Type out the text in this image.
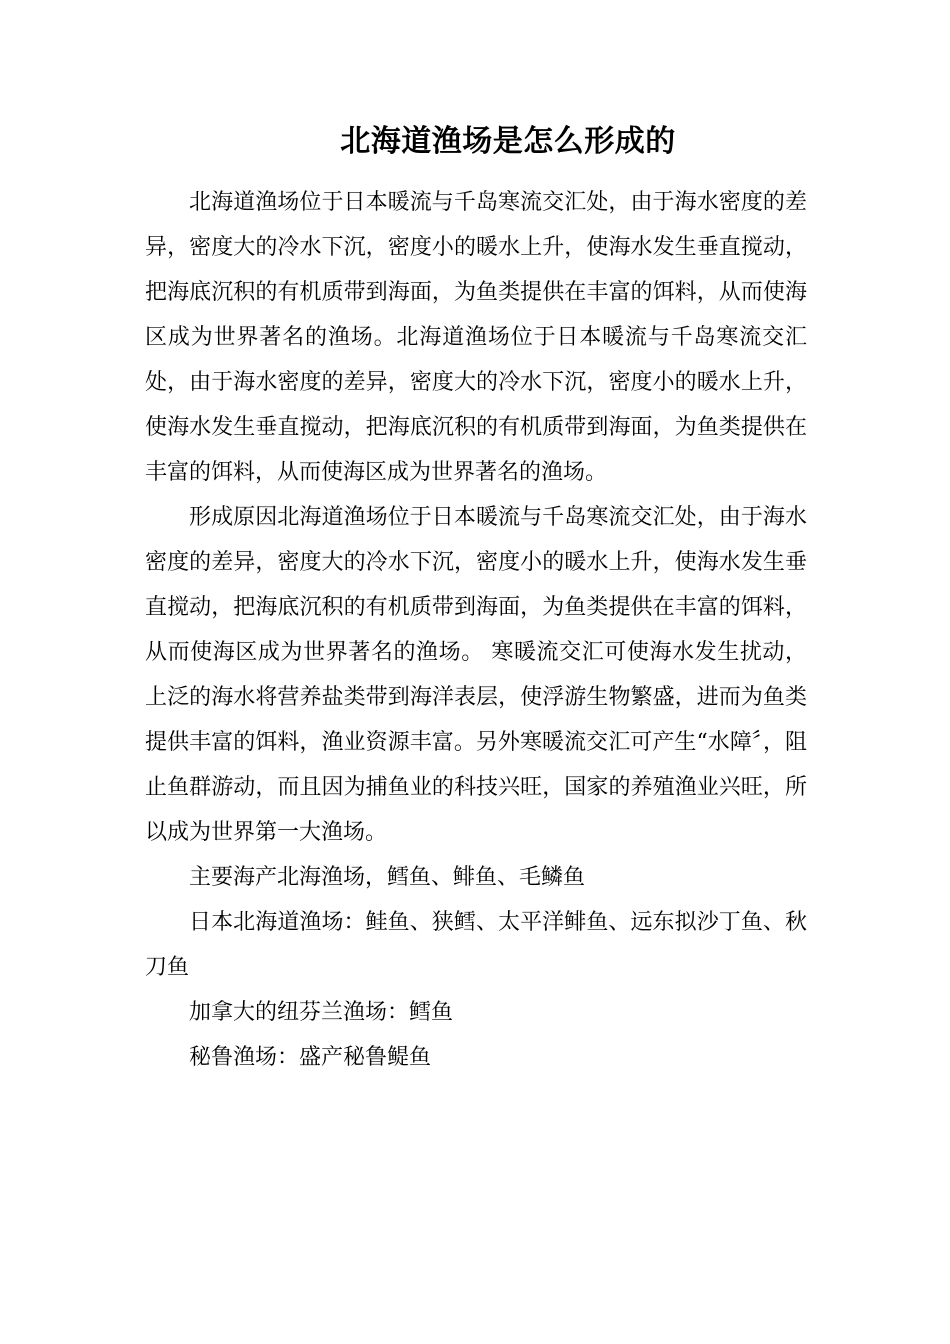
北海道渔场是怎么形成的

北海道渔场位于日本暖流与千岛寒流交汇处，由于海水密度的差异，密度大的冷水下沉，密度小的暖水上升，使海水发生垂直搅动，把海底沉积的有机质带到海面，为鱼类提供在丰富的饵料，从而使海区成为世界著名的渔场。北海道渔场位于日本暖流与千岛寒流交汇处，由于海水密度的差异，密度大的冷水下沉，密度小的暖水上升，使海水发生垂直搅动，把海底沉积的有机质带到海面，为鱼类提供在丰富的饵料，从而使海区成为世界著名的渔场。

形成原因北海道渔场位于日本暖流与千岛寒流交汇处，由于海水密度的差异，密度大的冷水下沉，密度小的暖水上升，使海水发生垂直搅动，把海底沉积的有机质带到海面，为鱼类提供在丰富的饵料，从而使海区成为世界著名的渔场。 寒暖流交汇可使海水发生扰动，上泛的海水将营养盐类带到海洋表层，使浮游生物繁盛，进而为鱼类提供丰富的饵料，渔业资源丰富。另外寒暖流交汇可产生“水障〞，阻止鱼群游动，而且因为捕鱼业的科技兴旺，国家的养殖渔业兴旺，所以成为世界第一大渔场。

主要海产北海渔场，鳕鱼、鲱鱼、毛鳞鱼

日本北海道渔场：鲑鱼、狭鳕、太平洋鲱鱼、远东拟沙丁鱼、秋刀鱼

加拿大的纽芬兰渔场：鳕鱼

秘鲁渔场：盛产秘鲁鳀鱼
